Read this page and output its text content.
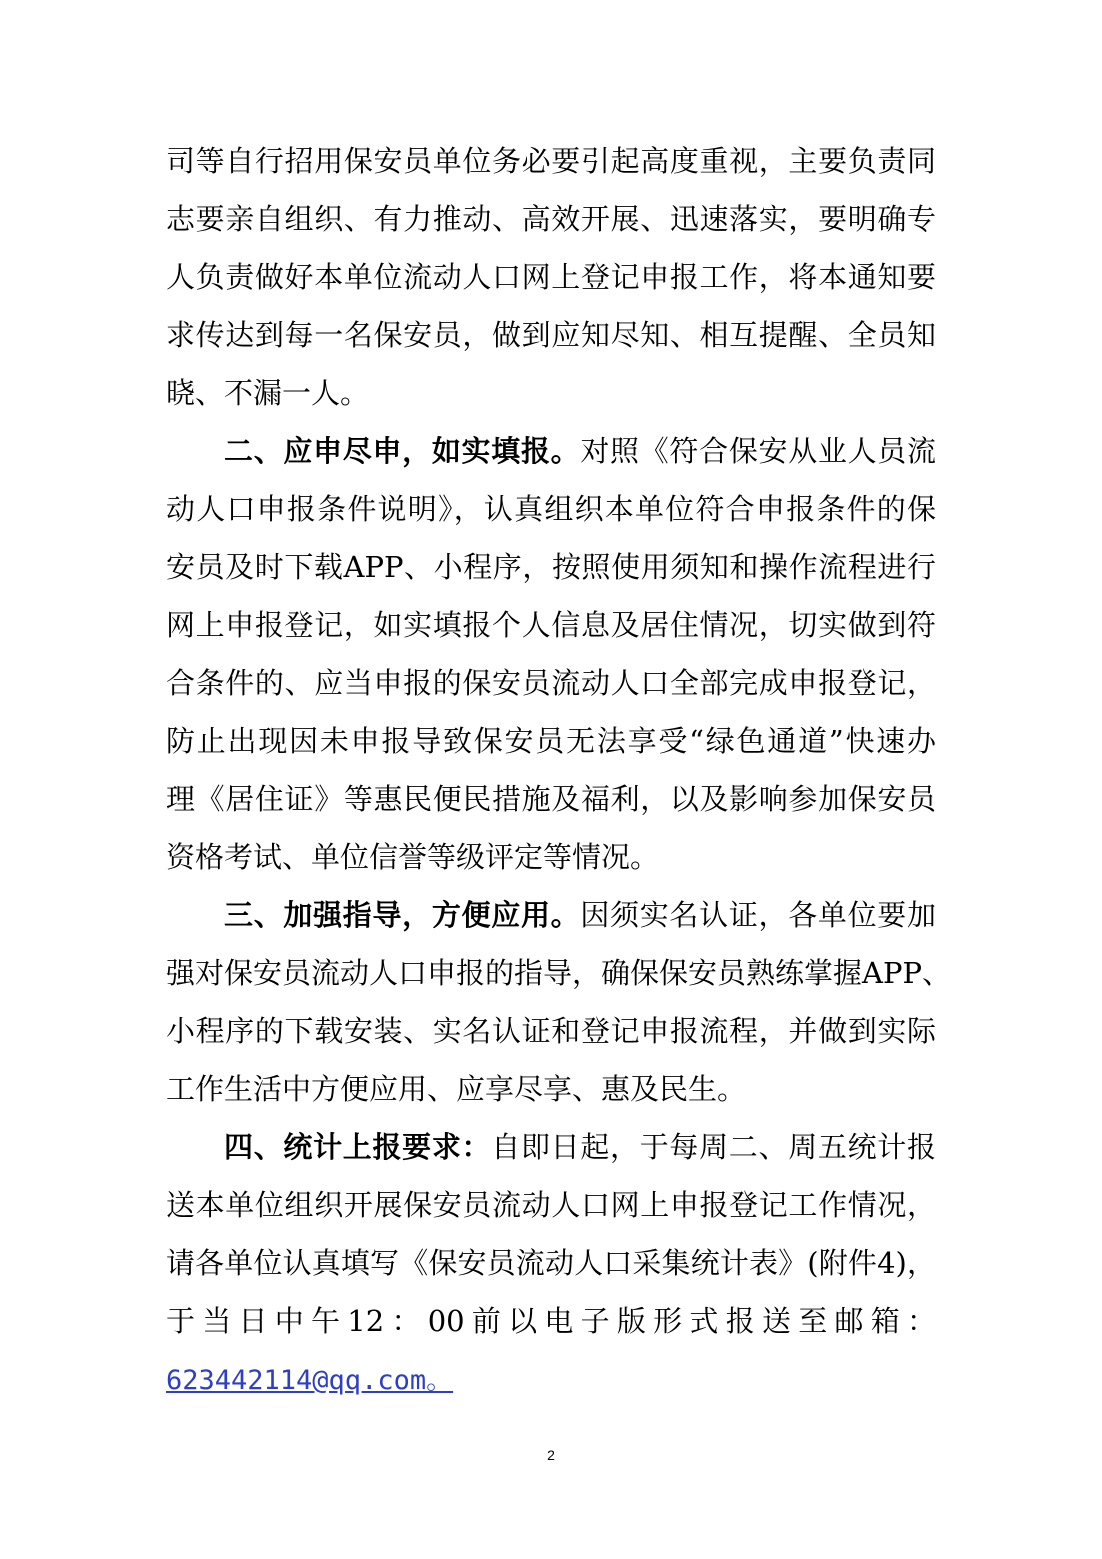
司等自行招用保安员单位务必要引起高度重视，主要负责同
志要亲自组织、有力推动、高效开展、迅速落实，要明确专
人负责做好本单位流动人口网上登记申报工作，将本通知要
求传达到每一名保安员，做到应知尽知、相互提醒、全员知
晓、不漏一人。
二、应申尽申，如实填报。对照《符合保安从业人员流
动人口申报条件说明》，认真组织本单位符合申报条件的保
安员及时下载APP、小程序，按照使用须知和操作流程进行
网上申报登记，如实填报个人信息及居住情况，切实做到符
合条件的、应当申报的保安员流动人口全部完成申报登记，
防止出现因未申报导致保安员无法享受“绿色通道”快速办
理《居住证》等惠民便民措施及福利，以及影响参加保安员
资格考试、单位信誉等级评定等情况。
三、加强指导，方便应用。因须实名认证，各单位要加
强对保安员流动人口申报的指导，确保保安员熟练掌握APP、
小程序的下载安装、实名认证和登记申报流程，并做到实际
工作生活中方便应用、应享尽享、惠及民生。
四、统计上报要求：自即日起，于每周二、周五统计报
送本单位组织开展保安员流动人口网上申报登记工作情况，
请各单位认真填写《保安员流动人口采集统计表》(附件4)，
于当日中午12：00前以电子版形式报送至邮箱：
623442114@qq.com。
2
